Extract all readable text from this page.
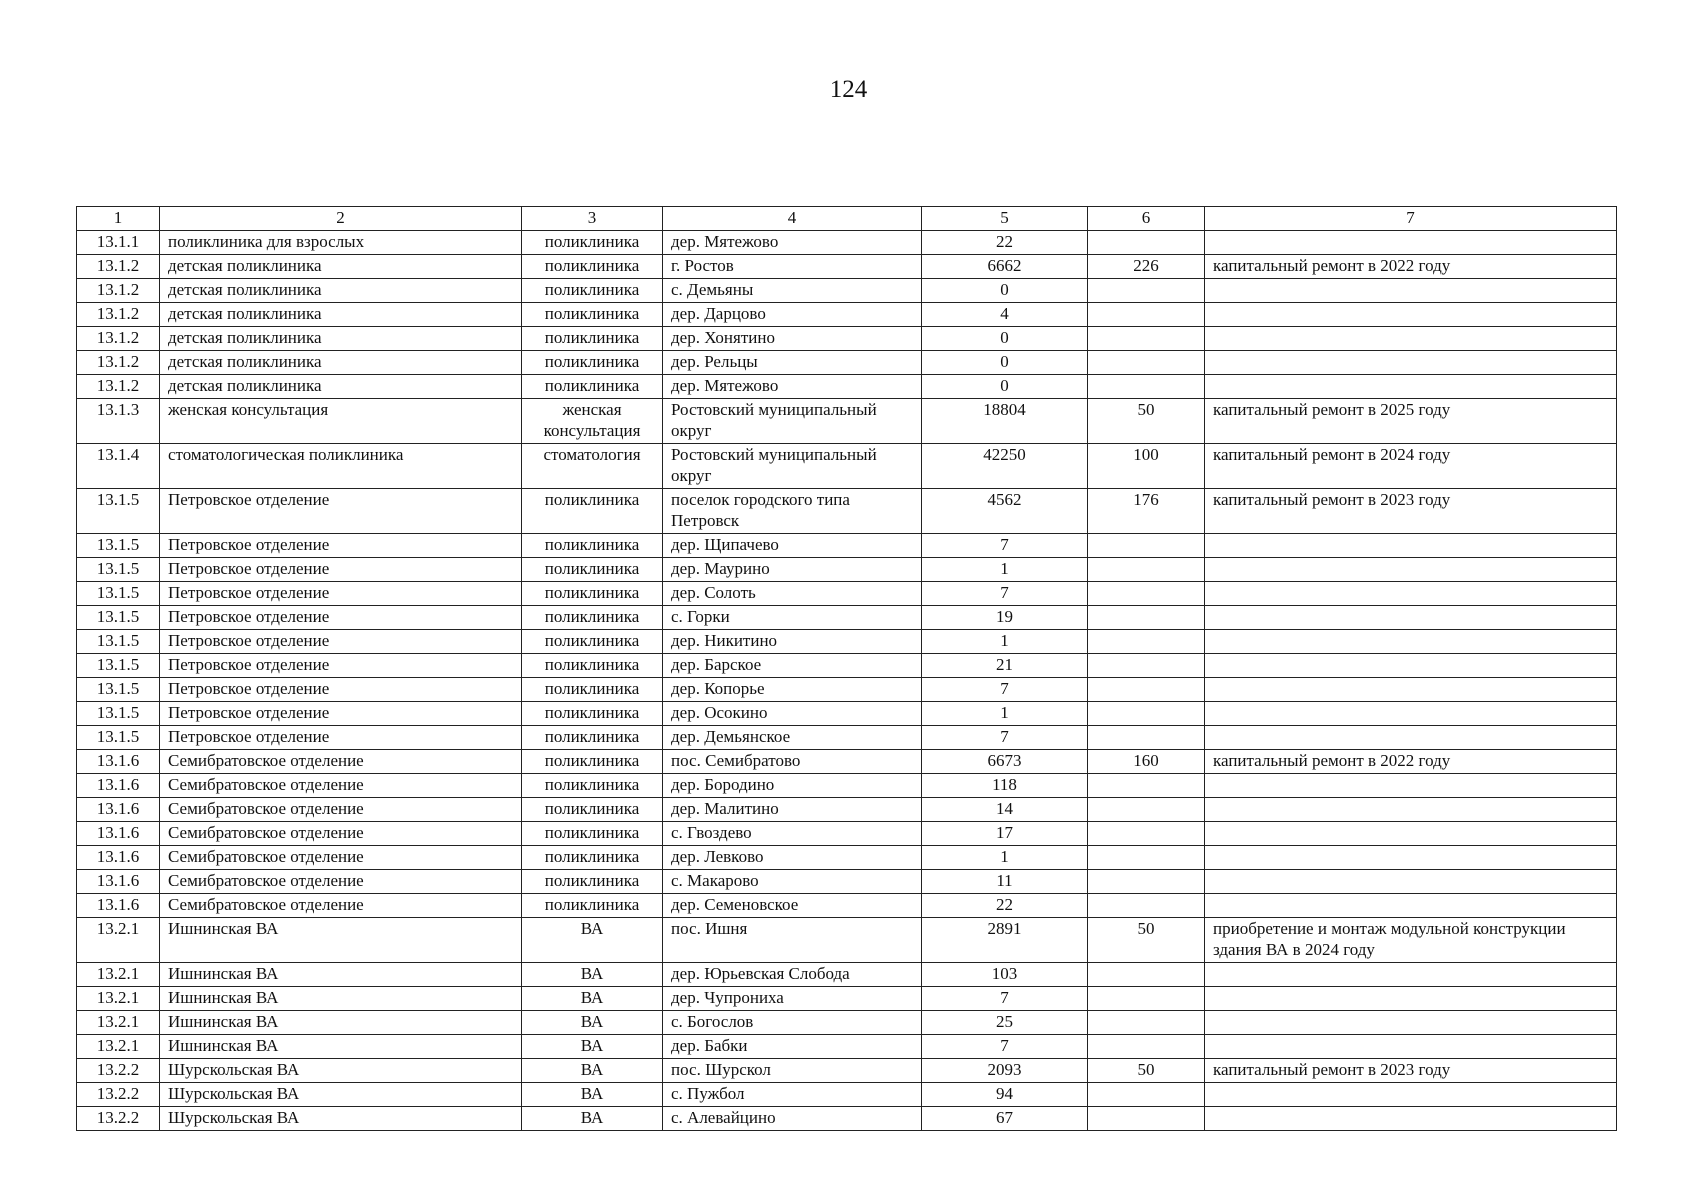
124
1	2	3	4	5	6	7
13.1.1	поликлиника для взрослых	поликлиника	дер. Мятежово	22		
13.1.2	детская поликлиника	поликлиника	г. Ростов	6662	226	капитальный ремонт в 2022 году
13.1.2	детская поликлиника	поликлиника	с. Демьяны	0		
13.1.2	детская поликлиника	поликлиника	дер. Дарцово	4		
13.1.2	детская поликлиника	поликлиника	дер. Хонятино	0		
13.1.2	детская поликлиника	поликлиника	дер. Рельцы	0		
13.1.2	детская поликлиника	поликлиника	дер. Мятежово	0		
13.1.3	женская консультация	женская консультация	Ростовский муниципальный округ	18804	50	капитальный ремонт в 2025 году
13.1.4	стоматологическая поликлиника	стоматология	Ростовский муниципальный округ	42250	100	капитальный ремонт в 2024 году
13.1.5	Петровское отделение	поликлиника	поселок городского типа Петровск	4562	176	капитальный ремонт в 2023 году
13.1.5	Петровское отделение	поликлиника	дер. Щипачево	7		
13.1.5	Петровское отделение	поликлиника	дер. Маурино	1		
13.1.5	Петровское отделение	поликлиника	дер. Солоть	7		
13.1.5	Петровское отделение	поликлиника	с. Горки	19		
13.1.5	Петровское отделение	поликлиника	дер. Никитино	1		
13.1.5	Петровское отделение	поликлиника	дер. Барское	21		
13.1.5	Петровское отделение	поликлиника	дер. Копорье	7		
13.1.5	Петровское отделение	поликлиника	дер. Осокино	1		
13.1.5	Петровское отделение	поликлиника	дер. Демьянское	7		
13.1.6	Семибратовское отделение	поликлиника	пос. Семибратово	6673	160	капитальный ремонт в 2022 году
13.1.6	Семибратовское отделение	поликлиника	дер. Бородино	118		
13.1.6	Семибратовское отделение	поликлиника	дер. Малитино	14		
13.1.6	Семибратовское отделение	поликлиника	с. Гвоздево	17		
13.1.6	Семибратовское отделение	поликлиника	дер. Левково	1		
13.1.6	Семибратовское отделение	поликлиника	с. Макарово	11		
13.1.6	Семибратовское отделение	поликлиника	дер. Семеновское	22		
13.2.1	Ишнинская ВА	ВА	пос. Ишня	2891	50	приобретение и монтаж модульной конструкции здания ВА в 2024 году
13.2.1	Ишнинская ВА	ВА	дер. Юрьевская Слобода	103		
13.2.1	Ишнинская ВА	ВА	дер. Чупрониха	7		
13.2.1	Ишнинская ВА	ВА	с. Богослов	25		
13.2.1	Ишнинская ВА	ВА	дер. Бабки	7		
13.2.2	Шурскольская ВА	ВА	пос. Шурскол	2093	50	капитальный ремонт в 2023 году
13.2.2	Шурскольская ВА	ВА	с. Пужбол	94		
13.2.2	Шурскольская ВА	ВА	с. Алевайцино	67		
